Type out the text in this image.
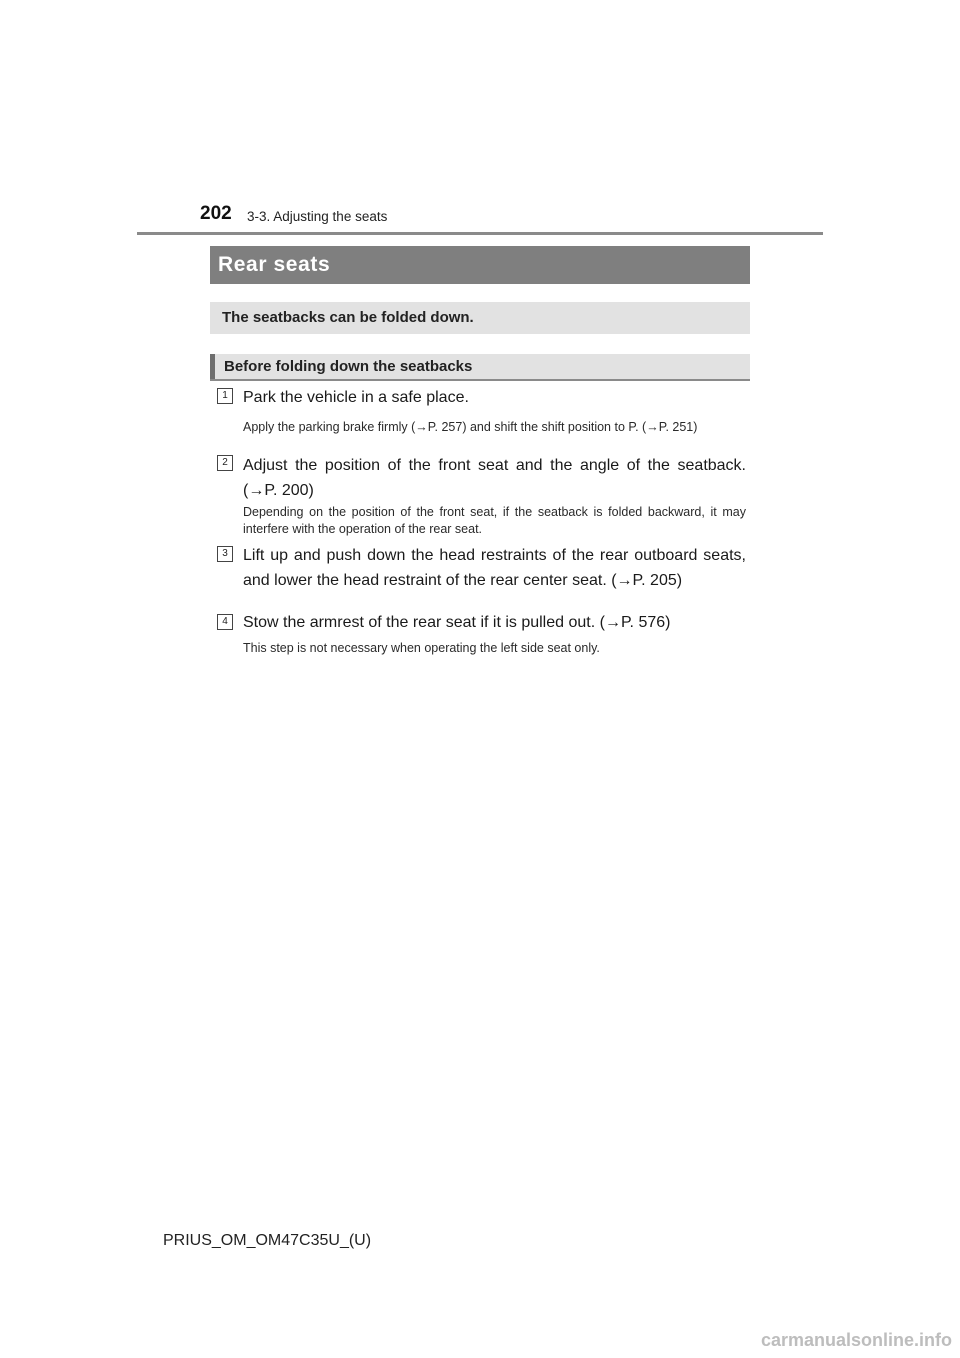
202 3-3. Adjusting the seats
Rear seats
The seatbacks can be folded down.
Before folding down the seatbacks
1 Park the vehicle in a safe place.
Apply the parking brake firmly (→P. 257) and shift the shift position to P. (→P. 251)
2 Adjust the position of the front seat and the angle of the seatback. (→P. 200)
Depending on the position of the front seat, if the seatback is folded backward, it may interfere with the operation of the rear seat.
3 Lift up and push down the head restraints of the rear outboard seats, and lower the head restraint of the rear center seat. (→P. 205)
4 Stow the armrest of the rear seat if it is pulled out. (→P. 576)
This step is not necessary when operating the left side seat only.
PRIUS_OM_OM47C35U_(U)
carmanualsonline.info
